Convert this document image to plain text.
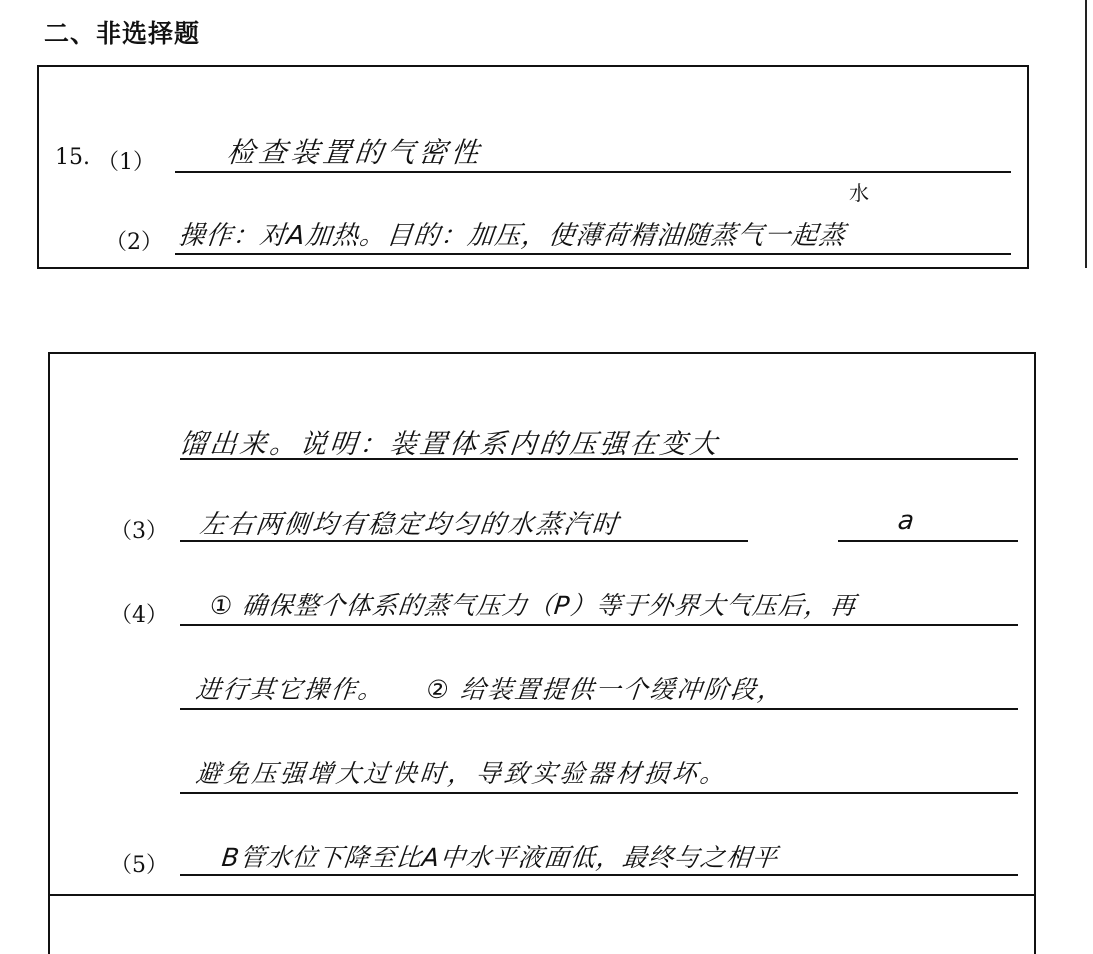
二、非选择题
15. （1）	检查装置的气密性
（2） 操作：对A加热。目的：加压，使薄荷精油随蒸气一起蒸
水
馏出来。说明：装置体系内的压强在变大
（3） 左右两侧均有稳定均匀的水蒸汽时	a
（4） ① 确保整个体系的蒸气压力（P）等于外界大气压后，再
进行其它操作。　　② 给装置提供一个缓冲阶段，
避免压强增大过快时，导致实验器材损坏。
（5） B管水位下降至比A中水平液面低，最终与之相平
